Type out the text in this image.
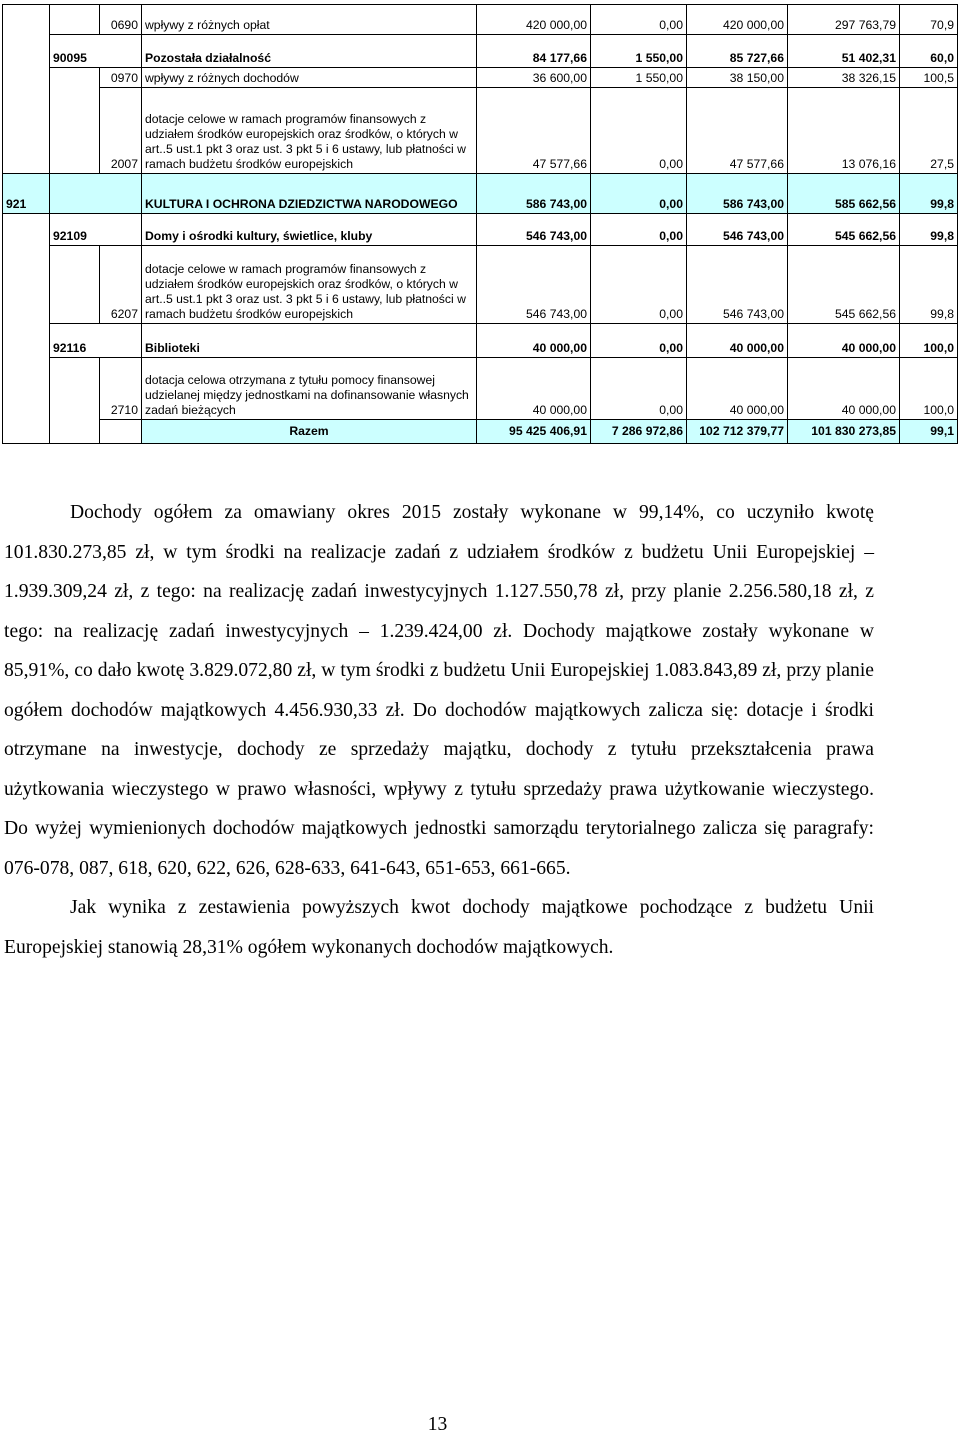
		0690	wpływy z różnych opłat	420 000,00	0,00	420 000,00	297 763,79	70,9
	90095		Pozostała działalność	84 177,66	1 550,00	85 727,66	51 402,31	60,0
		0970	wpływy z różnych dochodów	36 600,00	1 550,00	38 150,00	38 326,15	100,5
		2007	dotacje celowe w ramach programów finansowych z udziałem środków europejskich oraz środków, o których w art..5 ust.1 pkt 3 oraz ust. 3 pkt 5 i 6 ustawy, lub płatności w ramach budżetu środków europejskich	47 577,66	0,00	47 577,66	13 076,16	27,5
921			KULTURA I OCHRONA DZIEDZICTWA NARODOWEGO	586 743,00	0,00	586 743,00	585 662,56	99,8
	92109		Domy i ośrodki kultury, świetlice, kluby	546 743,00	0,00	546 743,00	545 662,56	99,8
		6207	dotacje celowe w ramach programów finansowych z udziałem środków europejskich oraz środków, o których w art..5 ust.1 pkt 3 oraz ust. 3 pkt 5 i 6 ustawy, lub płatności w ramach budżetu środków europejskich	546 743,00	0,00	546 743,00	545 662,56	99,8
	92116		Biblioteki	40 000,00	0,00	40 000,00	40 000,00	100,0
		2710	dotacja celowa otrzymana z tytułu pomocy finansowej udzielanej między jednostkami na dofinansowanie własnych zadań bieżących	40 000,00	0,00	40 000,00	40 000,00	100,0
			Razem	95 425 406,91	7 286 972,86	102 712 379,77	101 830 273,85	99,1

Dochody ogółem za omawiany okres 2015 zostały wykonane w 99,14%, co uczyniło kwotę 101.830.273,85 zł, w tym środki na realizacje zadań z udziałem środków z budżetu Unii Europejskiej – 1.939.309,24 zł, z tego: na realizację zadań inwestycyjnych 1.127.550,78 zł, przy planie 2.256.580,18 zł, z tego: na realizację zadań inwestycyjnych – 1.239.424,00 zł. Dochody majątkowe zostały wykonane w 85,91%, co dało kwotę 3.829.072,80 zł, w tym środki z budżetu Unii Europejskiej 1.083.843,89 zł, przy planie ogółem dochodów majątkowych 4.456.930,33 zł. Do dochodów majątkowych zalicza się: dotacje i środki otrzymane na inwestycje, dochody ze sprzedaży majątku, dochody z tytułu przekształcenia prawa użytkowania wieczystego w prawo własności, wpływy z tytułu sprzedaży prawa użytkowanie wieczystego. Do wyżej wymienionych dochodów majątkowych jednostki samorządu terytorialnego zalicza się paragrafy: 076-078, 087, 618, 620, 622, 626, 628-633, 641-643, 651-653, 661-665.

Jak wynika z zestawienia powyższych kwot dochody majątkowe pochodzące z budżetu Unii Europejskiej stanowią 28,31% ogółem wykonanych dochodów majątkowych.

13
